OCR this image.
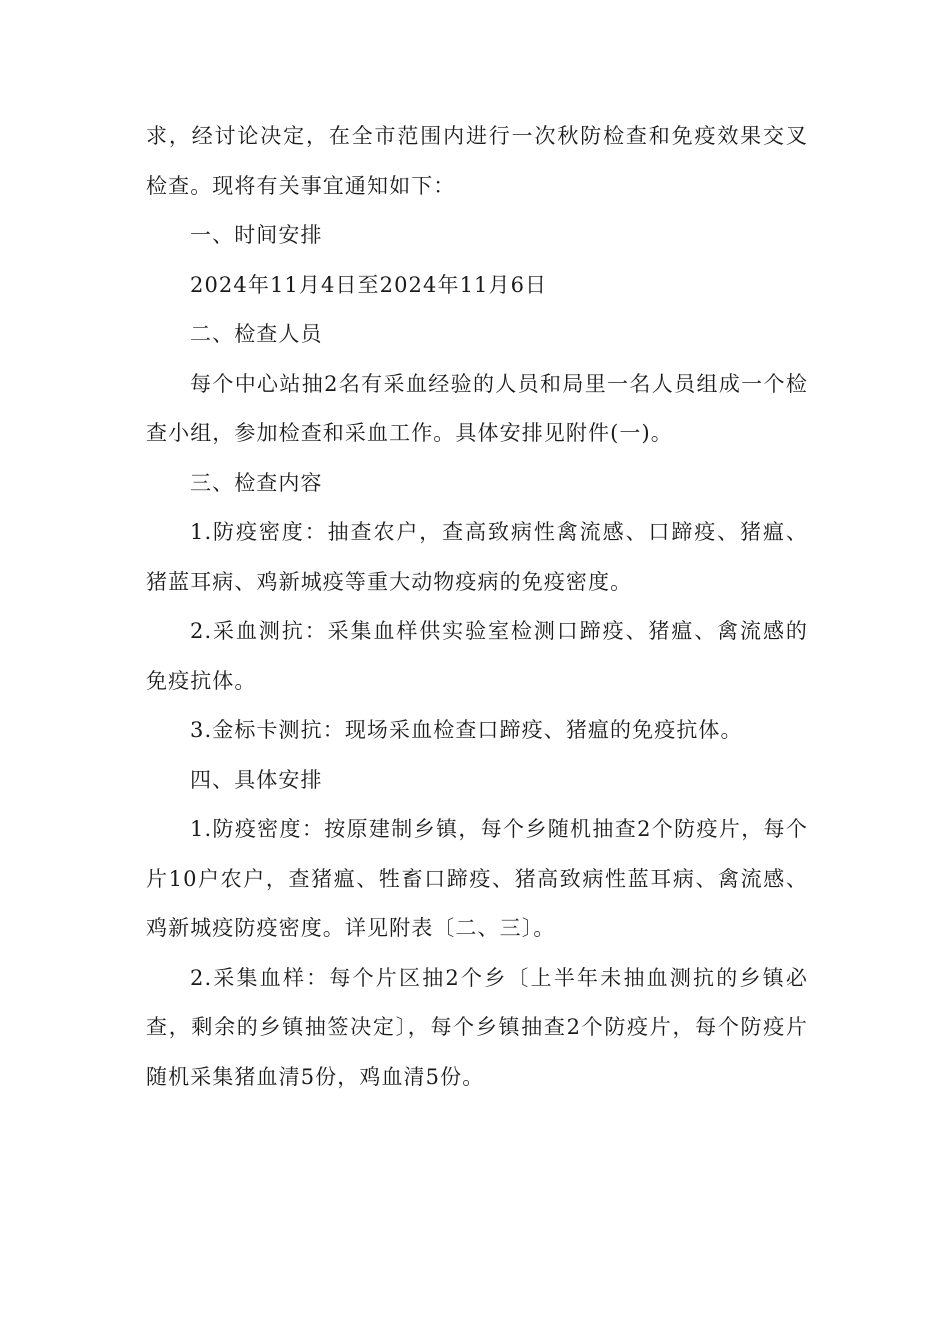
求，经讨论决定，在全市范围内进行一次秋防检查和免疫效果交叉检查。现将有关事宜通知如下：

一、时间安排

2024年11月4日至2024年11月6日

二、检查人员

每个中心站抽2名有采血经验的人员和局里一名人员组成一个检查小组，参加检查和采血工作。具体安排见附件(一)。

三、检查内容

1.防疫密度：抽查农户，查高致病性禽流感、口蹄疫、猪瘟、猪蓝耳病、鸡新城疫等重大动物疫病的免疫密度。

2.采血测抗：采集血样供实验室检测口蹄疫、猪瘟、禽流感的免疫抗体。

3.金标卡测抗：现场采血检查口蹄疫、猪瘟的免疫抗体。

四、具体安排

1.防疫密度：按原建制乡镇，每个乡随机抽查2个防疫片，每个片10户农户，查猪瘟、牲畜口蹄疫、猪高致病性蓝耳病、禽流感、鸡新城疫防疫密度。详见附表〔二、三〕。

2.采集血样：每个片区抽2个乡〔上半年未抽血测抗的乡镇必查，剩余的乡镇抽签决定〕，每个乡镇抽查2个防疫片，每个防疫片随机采集猪血清5份，鸡血清5份。
